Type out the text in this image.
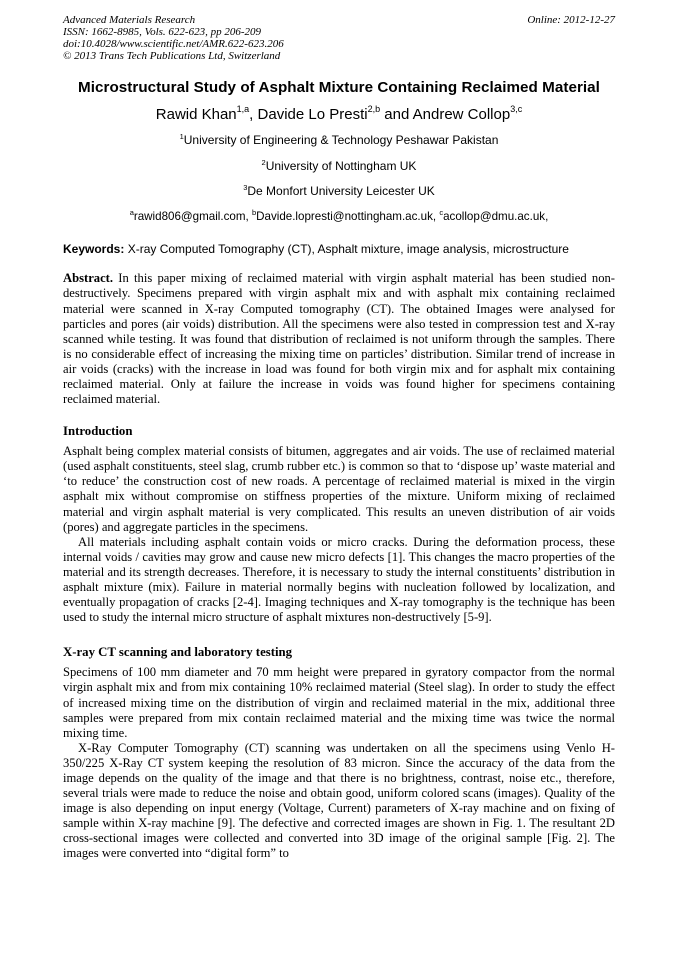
Online: 2012-12-27
Advanced Materials Research
ISSN: 1662-8985, Vols. 622-623, pp 206-209
doi:10.4028/www.scientific.net/AMR.622-623.206
© 2013 Trans Tech Publications Ltd, Switzerland
Microstructural Study of Asphalt Mixture Containing Reclaimed Material
Rawid Khan$^{1,a}$, Davide Lo Presti$^{2,b}$ and Andrew Collop$^{3,c}$
$^1$University of Engineering & Technology Peshawar Pakistan
$^2$University of Nottingham UK
$^3$De Monfort University Leicester UK
$^a$rawid806@gmail.com, $^b$Davide.lopresti@nottingham.ac.uk, $^c$acollop@dmu.ac.uk,
Keywords: X-ray Computed Tomography (CT), Asphalt mixture, image analysis, microstructure

Abstract. In this paper mixing of reclaimed material with virgin asphalt material has been studied non-destructively. Specimens prepared with virgin asphalt mix and with asphalt mix containing reclaimed material were scanned in X-ray Computed tomography (CT). The obtained Images were analysed for particles and pores (air voids) distribution. All the specimens were also tested in compression test and X-ray scanned while testing. It was found that distribution of reclaimed is not uniform through the samples. There is no considerable effect of increasing the mixing time on particles’ distribution. Similar trend of increase in air voids (cracks) with the increase in load was found for both virgin mix and for asphalt mix containing reclaimed material. Only at failure the increase in voids was found higher for specimens containing reclaimed material.

Introduction

Asphalt being complex material consists of bitumen, aggregates and air voids. The use of reclaimed material (used asphalt constituents, steel slag, crumb rubber etc.) is common so that to ‘dispose up’ waste material and ‘to reduce’ the construction cost of new roads. A percentage of reclaimed material is mixed in the virgin asphalt mix without compromise on stiffness properties of the mixture. Uniform mixing of reclaimed material and virgin asphalt material is very complicated. This results an uneven distribution of air voids (pores) and aggregate particles in the specimens.

All materials including asphalt contain voids or micro cracks. During the deformation process, these internal voids / cavities may grow and cause new micro defects [1]. This changes the macro properties of the material and its strength decreases. Therefore, it is necessary to study the internal constituents’ distribution in asphalt mixture (mix). Failure in material normally begins with nucleation followed by localization, and eventually propagation of cracks [2-4]. Imaging techniques and X-ray tomography is the technique has been used to study the internal micro structure of asphalt mixtures non-destructively [5-9].

X-ray CT scanning and laboratory testing

Specimens of 100 mm diameter and 70 mm height were prepared in gyratory compactor from the normal virgin asphalt mix and from mix containing 10% reclaimed material (Steel slag). In order to study the effect of increased mixing time on the distribution of virgin and reclaimed material in the mix, additional three samples were prepared from mix contain reclaimed material and the mixing time was twice the normal mixing time.

X-Ray Computer Tomography (CT) scanning was undertaken on all the specimens using Venlo H-350/225 X-Ray CT system keeping the resolution of 83 micron. Since the accuracy of the data from the image depends on the quality of the image and that there is no brightness, contrast, noise etc., therefore, several trials were made to reduce the noise and obtain good, uniform colored scans (images). Quality of the image is also depending on input energy (Voltage, Current) parameters of X-ray machine and on fixing of sample within X-ray machine [9]. The defective and corrected images are shown in Fig. 1. The resultant 2D cross-sectional images were collected and converted into 3D image of the original sample [Fig. 2]. The images were converted into “digital form” to
